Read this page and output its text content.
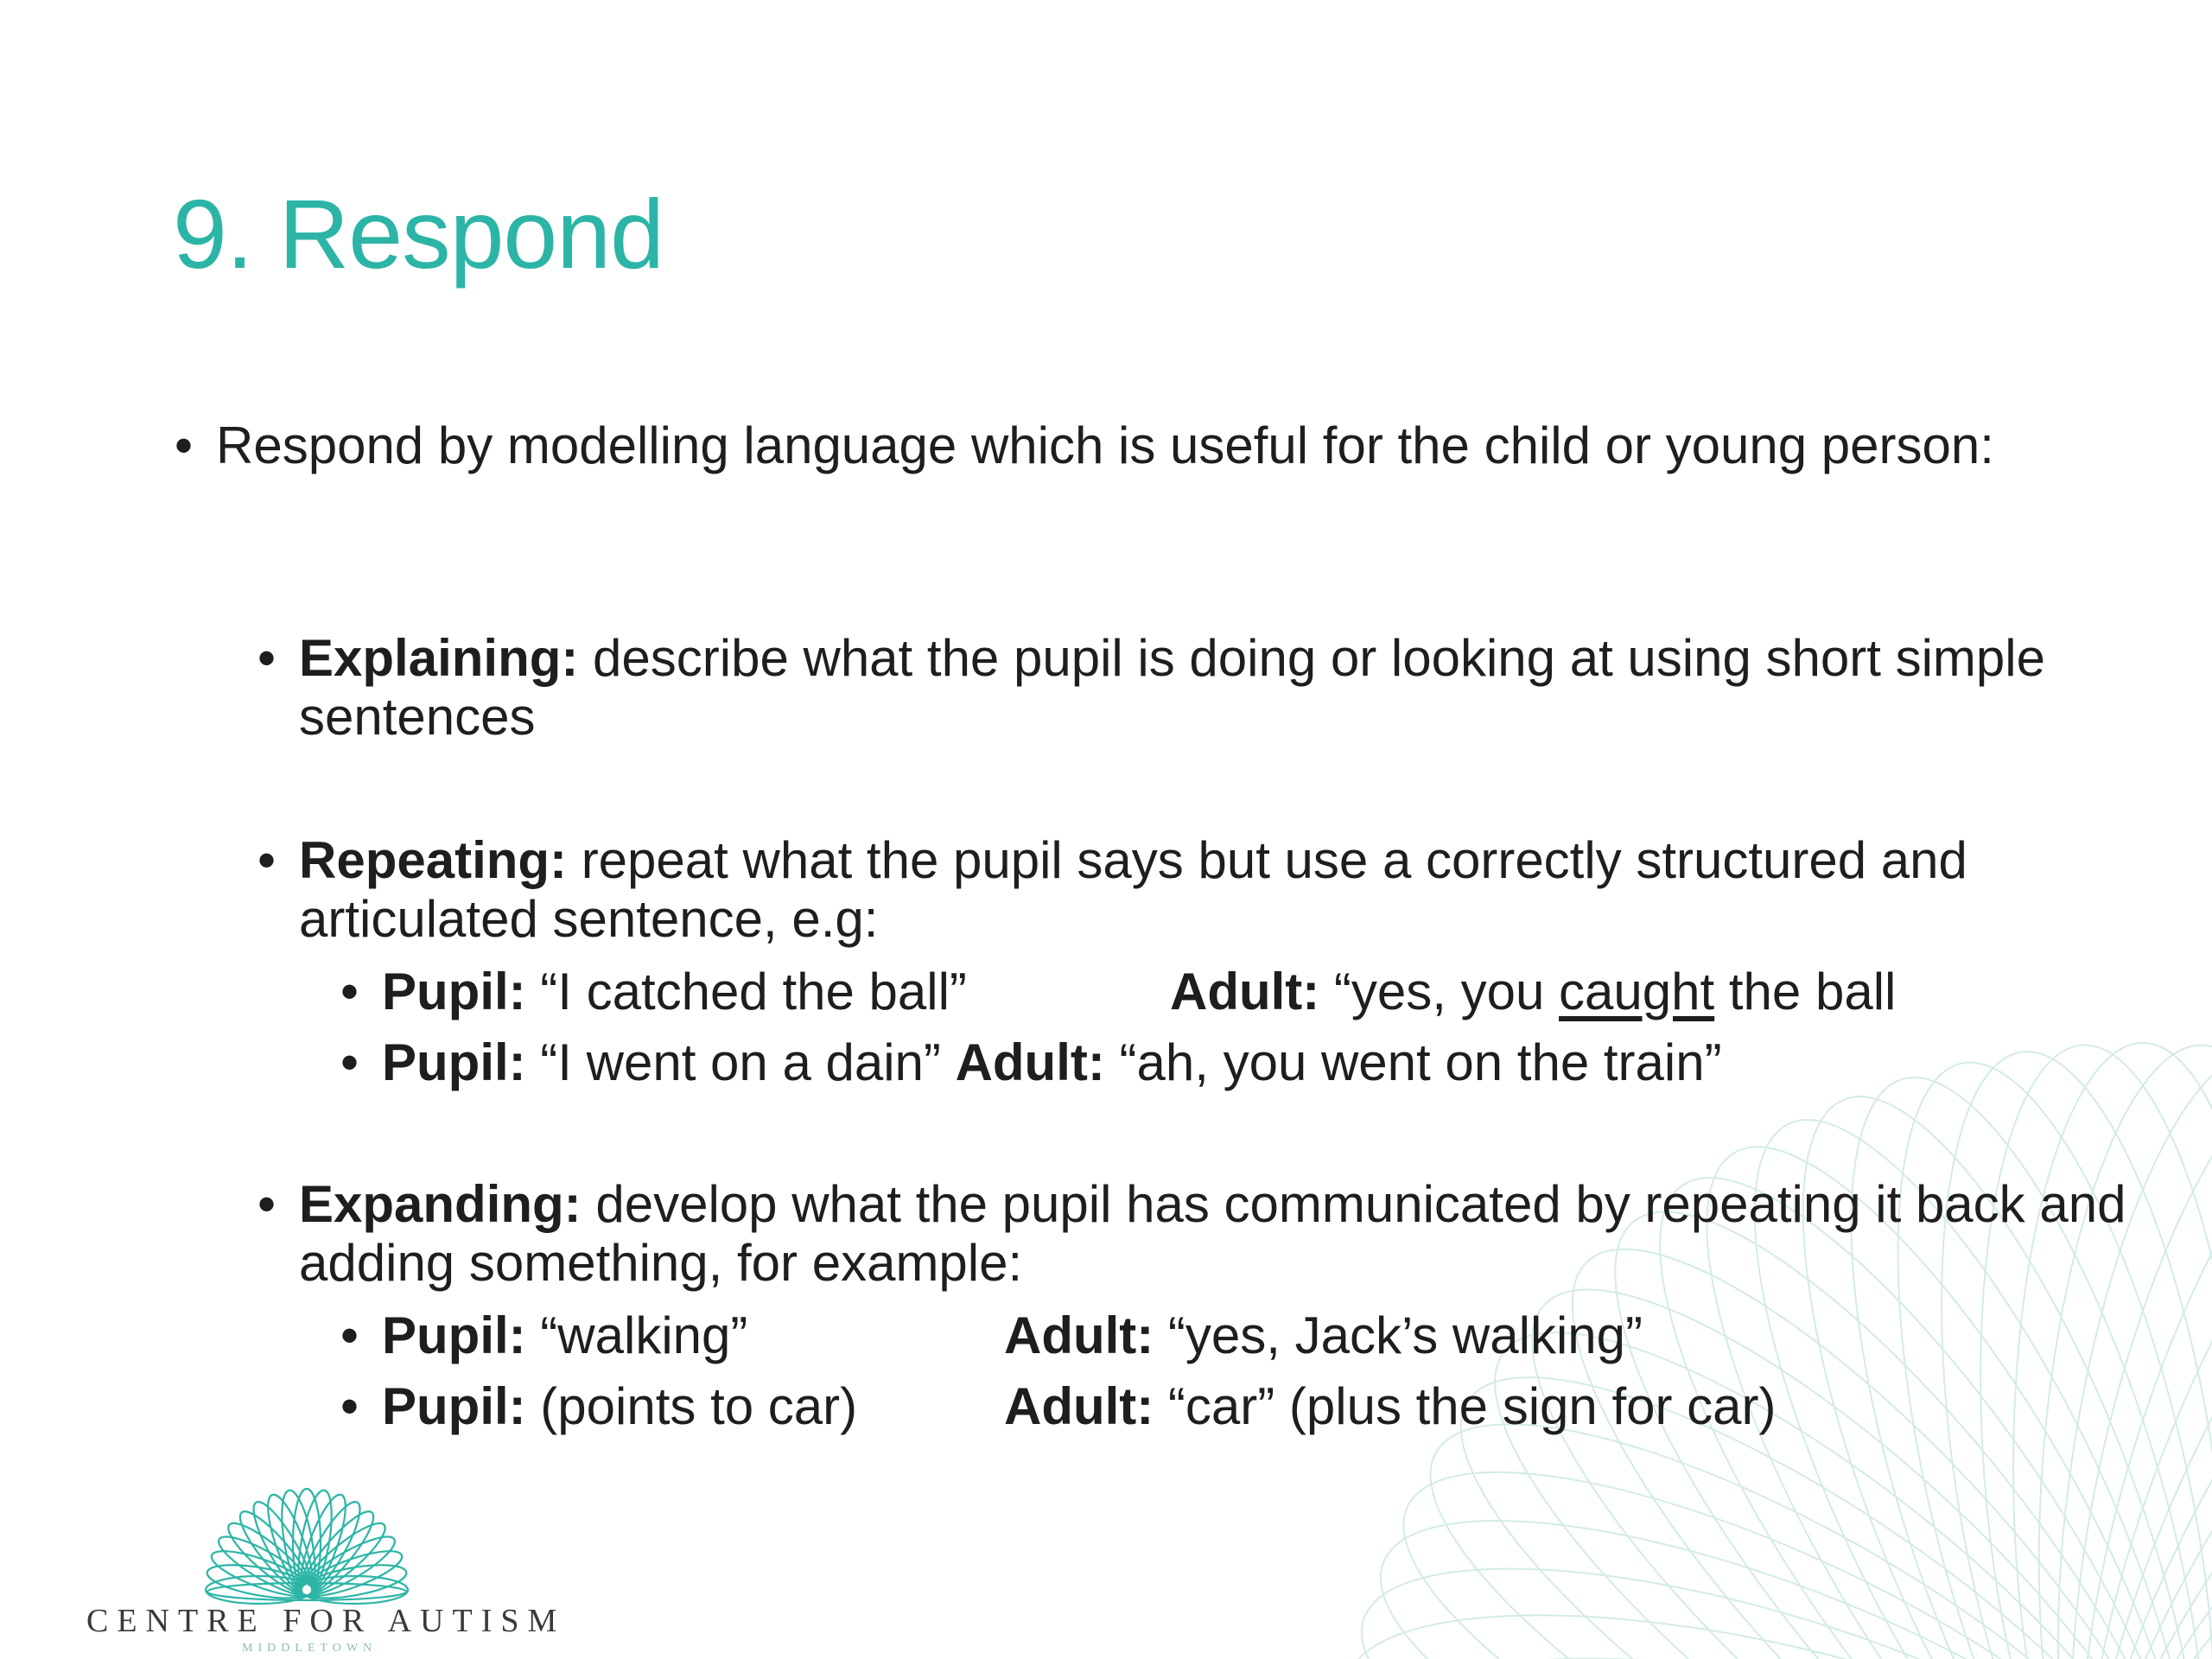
9. Respond
• Respond by modelling language which is useful for the child or young person:
• Explaining: describe what the pupil is doing or looking at using short simple sentences
• Repeating: repeat what the pupil says but use a correctly structured and articulated sentence, e.g:
• Pupil: “I catched the ball”	Adult: “yes, you caught the ball
• Pupil: “I went on a dain” Adult: “ah, you went on the train”
• Expanding: develop what the pupil has communicated by repeating it back and adding something, for example:
• Pupil: “walking”	Adult: “yes, Jack’s walking”
• Pupil: (points to car)	Adult: “car” (plus the sign for car)
CENTRE FOR AUTISM
MIDDLETOWN
